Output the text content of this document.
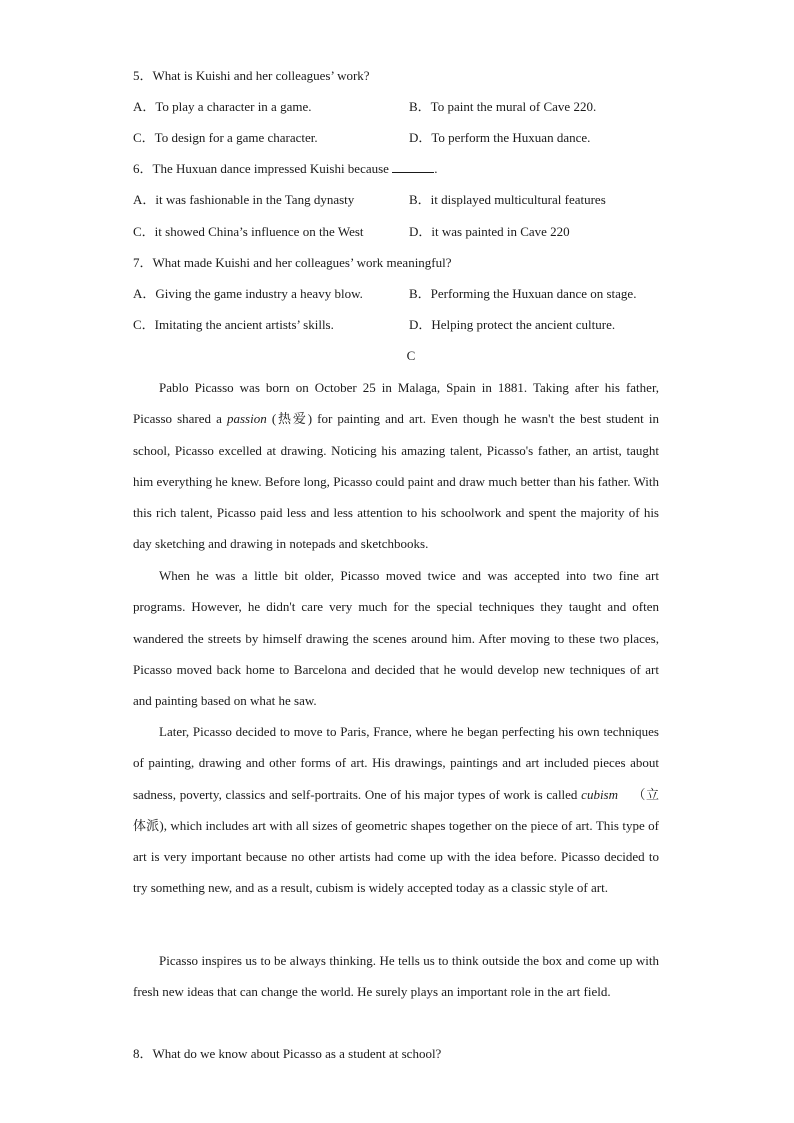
5．What is Kuishi and her colleagues’ work?
A．To play a character in a game.	B．To paint the mural of Cave 220.
C．To design for a game character.	D．To perform the Huxuan dance.
6．The Huxuan dance impressed Kuishi because	.
A．it was fashionable in the Tang dynasty	B．it displayed multicultural features
C．it showed China’s influence on the West	D．it was painted in Cave 220
7．What made Kuishi and her colleagues’ work meaningful?
A．Giving the game industry a heavy blow.	B．Performing the Huxuan dance on stage.
C．Imitating the ancient artists’ skills.	D．Helping protect the ancient culture.
C

Pablo Picasso was born on October 25 in Malaga, Spain in 1881. Taking after his father, Picasso shared a passion (热爱) for painting and art. Even though he wasn't the best student in school, Picasso excelled at drawing. Noticing his amazing talent, Picasso's father, an artist, taught him everything he knew. Before long, Picasso could paint and draw much better than his father. With this rich talent, Picasso paid less and less attention to his schoolwork and spent the majority of his day sketching and drawing in notepads and sketchbooks.

When he was a little bit older, Picasso moved twice and was accepted into two fine art programs. However, he didn't care very much for the special techniques they taught and often wandered the streets by himself drawing the scenes around him. After moving to these two places, Picasso moved back home to Barcelona and decided that he would develop new techniques of art and painting based on what he saw.

Later, Picasso decided to move to Paris, France, where he began perfecting his own techniques of painting, drawing and other forms of art. His drawings, paintings and art included pieces about sadness, poverty, classics and self-portraits. One of his major types of work is called cubism （立体派), which includes art with all sizes of geometric shapes together on the piece of art. This type of art is very important because no other artists had come up with the idea before. Picasso decided to try something new, and as a result, cubism is widely accepted today as a classic style of art.

Picasso inspires us to be always thinking. He tells us to think outside the box and come up with fresh new ideas that can change the world. He surely plays an important role in the art field.

8．What do we know about Picasso as a student at school?
